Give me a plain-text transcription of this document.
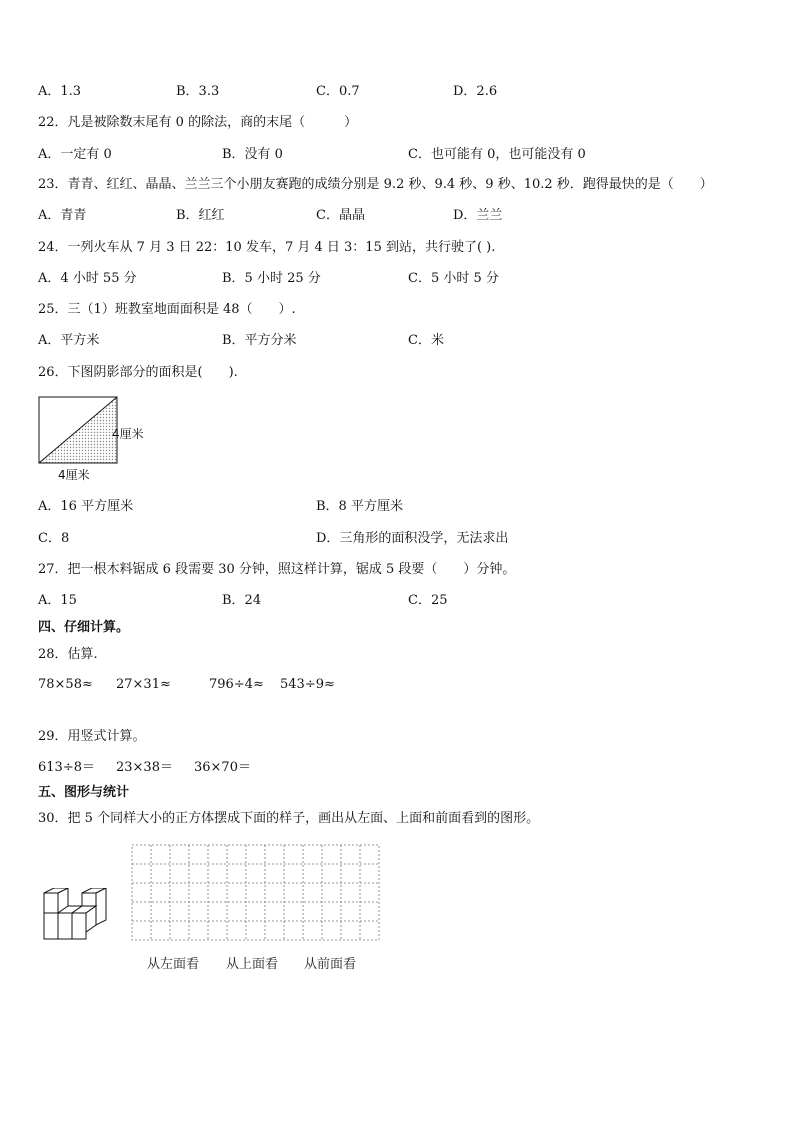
A．1.3	B．3.3	C．0.7	D．2.6
22．凡是被除数末尾有 0 的除法，商的末尾（　　　）
A．一定有 0	B．没有 0	C．也可能有 0，也可能没有 0
23．青青、红红、晶晶、兰兰三个小朋友赛跑的成绩分别是 9.2 秒、9.4 秒、9 秒、10.2 秒．跑得最快的是（　　）
A．青青	B．红红	C．晶晶	D．兰兰
24．一列火车从 7 月 3 日 22：10 发车，7 月 4 日 3：15 到站，共行驶了( ).
A．4 小时 55 分	B．5 小时 25 分	C．5 小时 5 分
25．三（1）班教室地面面积是 48（　　）.
A．平方米	B．平方分米	C．米
26．下图阴影部分的面积是(　　).
4厘米
4厘米
A．16 平方厘米	B．8 平方厘米
C．8	D．三角形的面积没学，无法求出
27．把一根木料锯成 6 段需要 30 分钟，照这样计算，锯成 5 段要（　　）分钟。
A．15	B．24	C．25
四、仔细计算。
28．估算.
78×58≈ 27×31≈	796÷4≈ 543÷9≈
29．用竖式计算。
613÷8＝ 23×38＝ 36×70＝
五、图形与统计
30．把 5 个同样大小的正方体摆成下面的样子，画出从左面、上面和前面看到的图形。
从左面看 从上面看 从前面看
